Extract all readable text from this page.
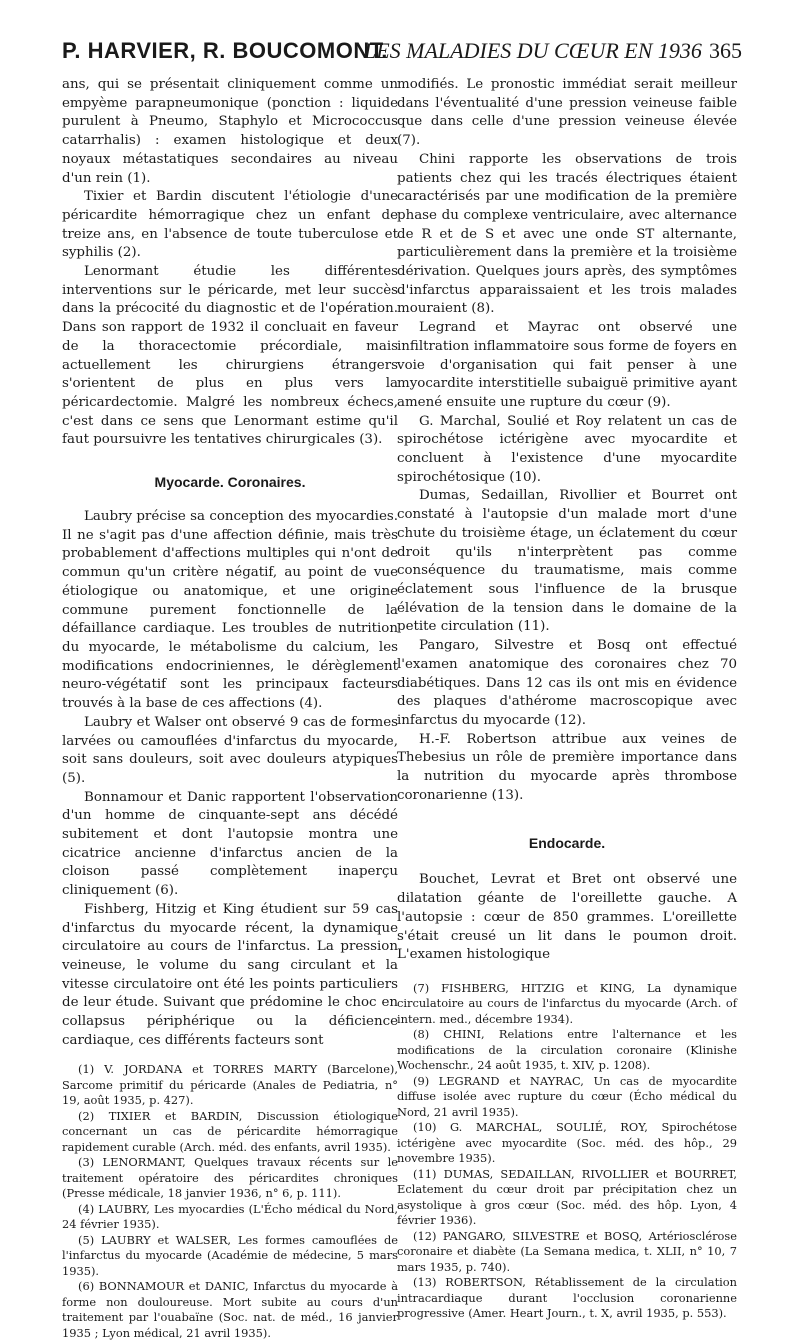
P. HARVIER, R. BOUCOMONT.
LES MALADIES DU CŒUR EN 1936 365

ans, qui se présentait cliniquement comme un empyème parapneumonique (ponction : liquide purulent à Pneumo, Staphylo et Micrococcus catarrhalis) : examen histologique et deux noyaux métastatiques secondaires au niveau d'un rein (1).

Tixier et Bardin discutent l'étiologie d'une péricardite hémorragique chez un enfant de treize ans, en l'absence de toute tuberculose et syphilis (2).

Lenormant étudie les différentes interventions sur le péricarde, met leur succès dans la précocité du diagnostic et de l'opération. Dans son rapport de 1932 il concluait en faveur de la thoracectomie précordiale, mais actuellement les chirurgiens étrangers s'orientent de plus en plus vers la péricardectomie. Malgré les nombreux échecs, c'est dans ce sens que Lenormant estime qu'il faut poursuivre les tentatives chirurgicales (3).

Myocarde. Coronaires.

Laubry précise sa conception des myocardies. Il ne s'agit pas d'une affection définie, mais très probablement d'affections multiples qui n'ont de commun qu'un critère négatif, au point de vue étiologique ou anatomique, et une origine commune purement fonctionnelle de la défaillance cardiaque. Les troubles de nutrition du myocarde, le métabolisme du calcium, les modifications endocriniennes, le dérèglement neuro-végétatif sont les principaux facteurs trouvés à la base de ces affections (4).

Laubry et Walser ont observé 9 cas de formes larvées ou camouflées d'infarctus du myocarde, soit sans douleurs, soit avec douleurs atypiques (5).

Bonnamour et Danic rapportent l'observation d'un homme de cinquante-sept ans décédé subitement et dont l'autopsie montra une cicatrice ancienne d'infarctus ancien de la cloison passé complètement inaperçu cliniquement (6).

Fishberg, Hitzig et King étudient sur 59 cas d'infarctus du myocarde récent, la dynamique circulatoire au cours de l'infarctus. La pression veineuse, le volume du sang circulant et la vitesse circulatoire ont été les points particuliers de leur étude. Suivant que prédomine le choc en collapsus périphérique ou la déficience cardiaque, ces différents facteurs sont

(1) V. JORDANA et TORRES MARTY (Barcelone), Sarcome primitif du péricarde (Anales de Pediatria, n° 19, août 1935, p. 427).

(2) TIXIER et BARDIN, Discussion étiologique concernant un cas de péricardite hémorragique rapidement curable (Arch. méd. des enfants, avril 1935).

(3) LENORMANT, Quelques travaux récents sur le traitement opératoire des péricardites chroniques (Presse médicale, 18 janvier 1936, n° 6, p. 111).

(4) LAUBRY, Les myocardies (L'Écho médical du Nord, 24 février 1935).

(5) LAUBRY et WALSER, Les formes camouflées de l'infarctus du myocarde (Académie de médecine, 5 mars 1935).

(6) BONNAMOUR et DANIC, Infarctus du myocarde à forme non douloureuse. Mort subite au cours d'un traitement par l'ouabaïne (Soc. nat. de méd., 16 janvier 1935 ; Lyon médical, 21 avril 1935).

modifiés. Le pronostic immédiat serait meilleur dans l'éventualité d'une pression veineuse faible que dans celle d'une pression veineuse élevée (7).

Chini rapporte les observations de trois patients chez qui les tracés électriques étaient caractérisés par une modification de la première phase du complexe ventriculaire, avec alternance de R et de S et avec une onde ST alternante, particulièrement dans la première et la troisième dérivation. Quelques jours après, des symptômes d'infarctus apparaissaient et les trois malades mouraient (8).

Legrand et Mayrac ont observé une infiltration inflammatoire sous forme de foyers en voie d'organisation qui fait penser à une myocardite interstitielle subaiguë primitive ayant amené ensuite une rupture du cœur (9).

G. Marchal, Soulié et Roy relatent un cas de spirochétose ictérigène avec myocardite et concluent à l'existence d'une myocardite spirochétosique (10).

Dumas, Sedaillan, Rivollier et Bourret ont constaté à l'autopsie d'un malade mort d'une chute du troisième étage, un éclatement du cœur droit qu'ils n'interprètent pas comme conséquence du traumatisme, mais comme éclatement sous l'influence de la brusque élévation de la tension dans le domaine de la petite circulation (11).

Pangaro, Silvestre et Bosq ont effectué l'examen anatomique des coronaires chez 70 diabétiques. Dans 12 cas ils ont mis en évidence des plaques d'athérome macroscopique avec infarctus du myocarde (12).

H.-F. Robertson attribue aux veines de Thebesius un rôle de première importance dans la nutrition du myocarde après thrombose coronarienne (13).

Endocarde.

Bouchet, Levrat et Bret ont observé une dilatation géante de l'oreillette gauche. A l'autopsie : cœur de 850 grammes. L'oreillette s'était creusé un lit dans le poumon droit. L'examen histologique

(7) FISHBERG, HITZIG et KING, La dynamique circulatoire au cours de l'infarctus du myocarde (Arch. of intern. med., décembre 1934).

(8) CHINI, Relations entre l'alternance et les modifications de la circulation coronaire (Klinishe Wochenschr., 24 août 1935, t. XIV, p. 1208).

(9) LEGRAND et NAYRAC, Un cas de myocardite diffuse isolée avec rupture du cœur (Écho médical du Nord, 21 avril 1935).

(10) G. MARCHAL, SOULIÉ, ROY, Spirochétose ictérigène avec myocardite (Soc. méd. des hôp., 29 novembre 1935).

(11) DUMAS, SEDAILLAN, RIVOLLIER et BOURRET, Eclatement du cœur droit par précipitation chez un asystolique à gros cœur (Soc. méd. des hôp. Lyon, 4 février 1936).

(12) PANGARO, SILVESTRE et BOSQ, Artériosclérose coronaire et diabète (La Semana medica, t. XLII, n° 10, 7 mars 1935, p. 740).

(13) ROBERTSON, Rétablissement de la circulation intracardiaque durant l'occlusion coronarienne progressive (Amer. Heart Journ., t. X, avril 1935, p. 553).
